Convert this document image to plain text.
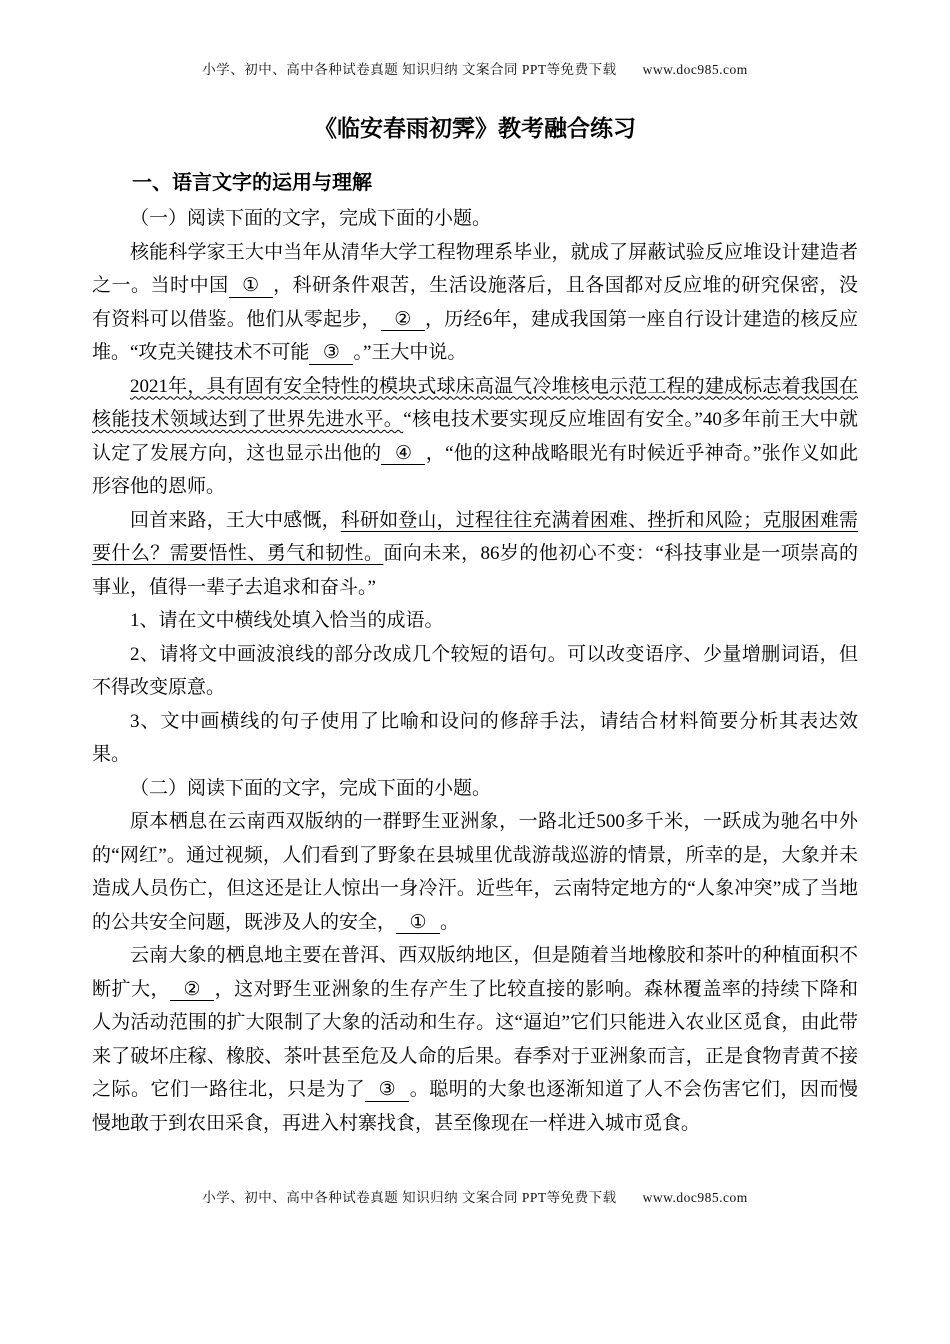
小学、初中、高中各种试卷真题 知识归纳 文案合同 PPT等免费下载 www.doc985.com
《临安春雨初霁》教考融合练习
一、语言文字的运用与理解

（一）阅读下面的文字，完成下面的小题。

核能科学家王大中当年从清华大学工程物理系毕业，就成了屏蔽试验反应堆设计建造者之一。当时中国 ① ，科研条件艰苦，生活设施落后，且各国都对反应堆的研究保密，没有资料可以借鉴。他们从零起步， ② ，历经6年，建成我国第一座自行设计建造的核反应堆。“攻克关键技术不可能 ③ 。”王大中说。

2021年，具有固有安全特性的模块式球床高温气冷堆核电示范工程的建成标志着我国在核能技术领域达到了世界先进水平。“核电技术要实现反应堆固有安全。”40多年前王大中就认定了发展方向，这也显示出他的 ④ ，“他的这种战略眼光有时候近乎神奇。”张作义如此形容他的恩师。

回首来路，王大中感慨，科研如登山，过程往往充满着困难、挫折和风险；克服困难需要什么？需要悟性、勇气和韧性。面向未来，86岁的他初心不变：“科技事业是一项崇高的事业，值得一辈子去追求和奋斗。”

1、请在文中横线处填入恰当的成语。

2、请将文中画波浪线的部分改成几个较短的语句。可以改变语序、少量增删词语，但不得改变原意。

3、文中画横线的句子使用了比喻和设问的修辞手法，请结合材料简要分析其表达效果。

（二）阅读下面的文字，完成下面的小题。

原本栖息在云南西双版纳的一群野生亚洲象，一路北迁500多千米，一跃成为驰名中外的“网红”。通过视频，人们看到了野象在县城里优哉游哉巡游的情景，所幸的是，大象并未造成人员伤亡，但这还是让人惊出一身冷汗。近些年，云南特定地方的“人象冲突”成了当地的公共安全问题，既涉及人的安全， ① 。

云南大象的栖息地主要在普洱、西双版纳地区，但是随着当地橡胶和茶叶的种植面积不断扩大， ② ，这对野生亚洲象的生存产生了比较直接的影响。森林覆盖率的持续下降和人为活动范围的扩大限制了大象的活动和生存。这“逼迫”它们只能进入农业区觅食，由此带来了破坏庄稼、橡胶、茶叶甚至危及人命的后果。春季对于亚洲象而言，正是食物青黄不接之际。它们一路往北，只是为了 ③ 。聪明的大象也逐渐知道了人不会伤害它们，因而慢慢地敢于到农田采食，再进入村寨找食，甚至像现在一样进入城市觅食。

小学、初中、高中各种试卷真题 知识归纳 文案合同 PPT等免费下载 www.doc985.com
